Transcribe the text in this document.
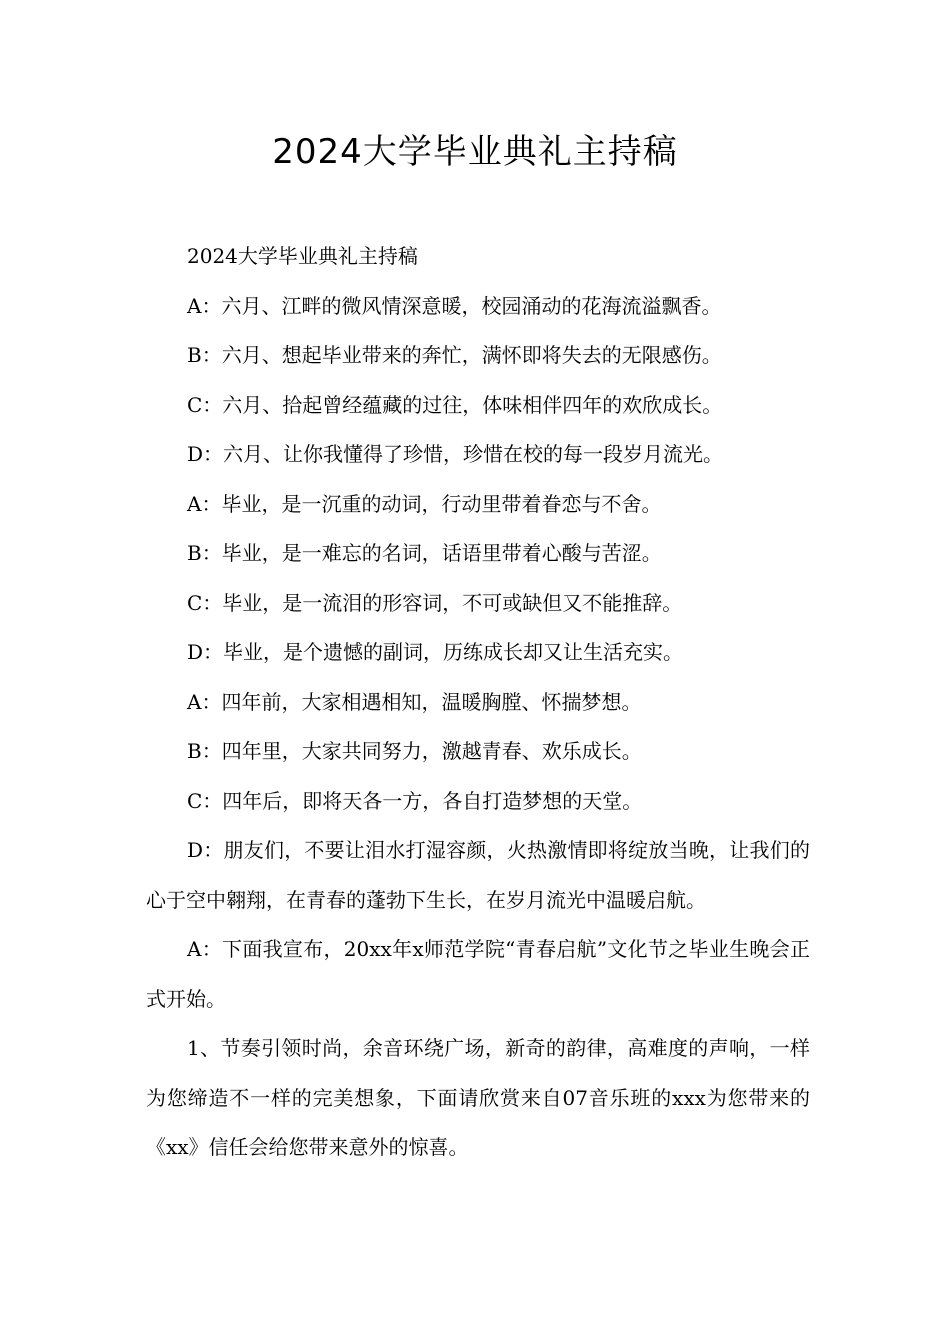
2024大学毕业典礼主持稿

2024大学毕业典礼主持稿

A：六月、江畔的微风情深意暖，校园涌动的花海流溢飘香。

B：六月、想起毕业带来的奔忙，满怀即将失去的无限感伤。

C：六月、拾起曾经蕴藏的过往，体味相伴四年的欢欣成长。

D：六月、让你我懂得了珍惜，珍惜在校的每一段岁月流光。

A：毕业，是一沉重的动词，行动里带着眷恋与不舍。

B：毕业，是一难忘的名词，话语里带着心酸与苦涩。

C：毕业，是一流泪的形容词，不可或缺但又不能推辞。

D：毕业，是个遗憾的副词，历练成长却又让生活充实。

A：四年前，大家相遇相知，温暖胸膛、怀揣梦想。

B：四年里，大家共同努力，激越青春、欢乐成长。

C：四年后，即将天各一方，各自打造梦想的天堂。

D：朋友们，不要让泪水打湿容颜，火热激情即将绽放当晚，让我们的心于空中翱翔，在青春的蓬勃下生长，在岁月流光中温暖启航。

A：下面我宣布，20xx年x师范学院“青春启航”文化节之毕业生晚会正式开始。

1、节奏引领时尚，余音环绕广场，新奇的韵律，高难度的声响，一样为您缔造不一样的完美想象，下面请欣赏来自07音乐班的xxx为您带来的《xx》信任会给您带来意外的惊喜。
